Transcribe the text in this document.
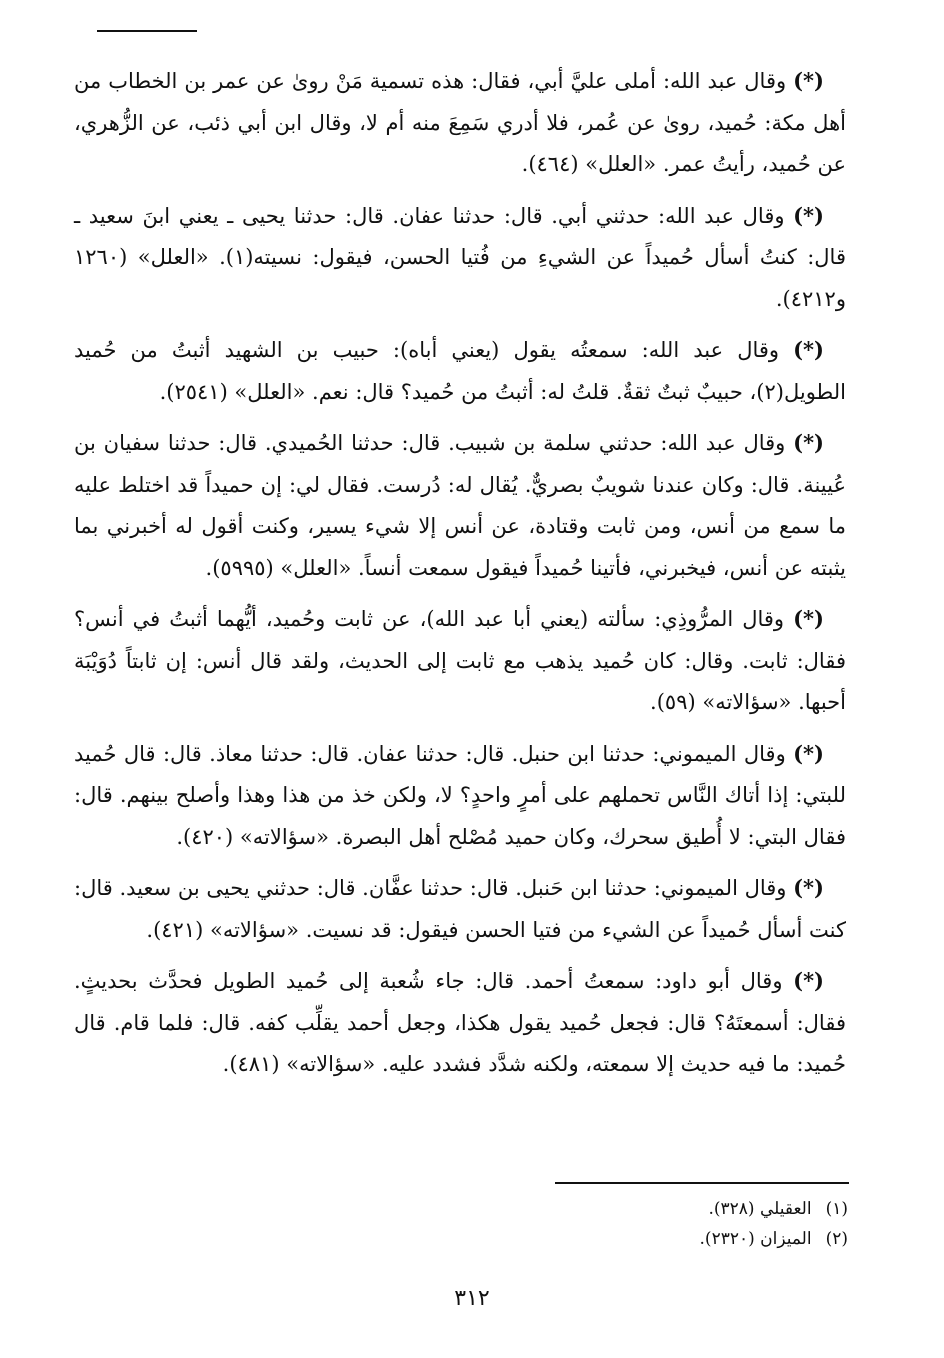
(*) وقال عبد الله: أملى عليَّ أبي، فقال: هذه تسمية مَنْ روىٰ عن عمر بن الخطاب من أهل مكة: حُميد، روىٰ عن عُمر، فلا أدري سَمِعَ منه أم لا، وقال ابن أبي ذئب، عن الزُّهري، عن حُميد، رأيتُ عمر. «العلل» (٤٦٤).

(*) وقال عبد الله: حدثني أبي. قال: حدثنا عفان. قال: حدثنا يحيى ـ يعني ابنَ سعيد ـ قال: كنتُ أسأل حُميداً عن الشيءِ من فُتيا الحسن، فيقول: نسيته(١). «العلل» (١٢٦٠ و٤٢١٢).

(*) وقال عبد الله: سمعتُه يقول (يعني أباه): حبيب بن الشهيد أثبتُ من حُميد الطويل(٢)، حبيبٌ ثبتٌ ثقةٌ. قلتُ له: أثبتُ من حُميد؟ قال: نعم. «العلل» (٢٥٤١).

(*) وقال عبد الله: حدثني سلمة بن شبيب. قال: حدثنا الحُميدي. قال: حدثنا سفيان بن عُيينة. قال: وكان عندنا شويبٌ بصريٌّ. يُقال له: دُرست. فقال لي: إن حميداً قد اختلط عليه ما سمع من أنس، ومن ثابت وقتادة، عن أنس إلا شيء يسير، وكنت أقول له أخبرني بما يثبته عن أنس، فيخبرني، فأتينا حُميداً فيقول سمعت أنساً. «العلل» (٥٩٩٥).

(*) وقال المرُّوذِي: سألته (يعني أبا عبد الله)، عن ثابت وحُميد، أيُّهما أثبتُ في أنس؟ فقال: ثابت. وقال: كان حُميد يذهب مع ثابت إلى الحديث، ولقد قال أنس: إن ثابتاً دُوَيْبَة أحبها. «سؤالاته» (٥٩).

(*) وقال الميموني: حدثنا ابن حنبل. قال: حدثنا عفان. قال: حدثنا معاذ. قال: قال حُميد للبتي: إذا أتاك النَّاس تحملهم على أمرٍ واحدٍ؟ لا، ولكن خذ من هذا وهذا وأصلح بينهم. قال: فقال البتي: لا أُطيق سحرك، وكان حميد مُصْلح أهل البصرة. «سؤالاته» (٤٢٠).

(*) وقال الميموني: حدثنا ابن حَنبل. قال: حدثنا عفَّان. قال: حدثني يحيى بن سعيد. قال: كنت أسأل حُميداً عن الشيء من فتيا الحسن فيقول: قد نسيت. «سؤالاته» (٤٢١).

(*) وقال أبو داود: سمعتُ أحمد. قال: جاء شُعبة إلى حُميد الطويل فحدَّث بحديثٍ. فقال: أسمعتَهُ؟ قال: فجعل حُميد يقول هكذا، وجعل أحمد يقلِّب كفه. قال: فلما قام. قال حُميد: ما فيه حديث إلا سمعته، ولكنه شدَّد فشدد عليه. «سؤالاته» (٤٨١).

(١)العقيلي (٣٢٨).

(٢)الميزان (٢٣٢٠).

٣١٢
